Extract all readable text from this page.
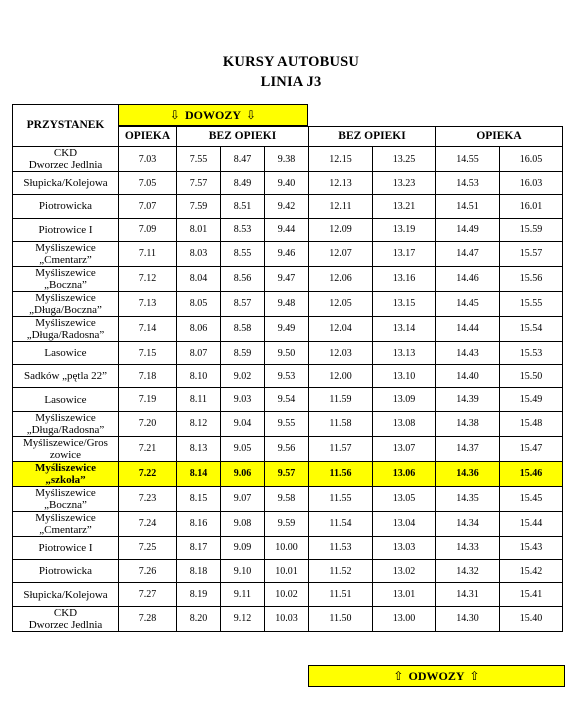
KURSY AUTOBUSU
LINIA J3
⇩ DOWOZY ⇩
PRZYSTANEK								
	OPIEKA	BEZ OPIEKI			BEZ OPIEKI		OPIEKA	
CKD
Dworzec Jedlnia	7.03	7.55	8.47	9.38	12.15	13.25	14.55	16.05
Słupicka/Kolejowa	7.05	7.57	8.49	9.40	12.13	13.23	14.53	16.03
Piotrowicka	7.07	7.59	8.51	9.42	12.11	13.21	14.51	16.01
Piotrowice I	7.09	8.01	8.53	9.44	12.09	13.19	14.49	15.59
Myśliszewice
„Cmentarz”	7.11	8.03	8.55	9.46	12.07	13.17	14.47	15.57
Myśliszewice
„Boczna”	7.12	8.04	8.56	9.47	12.06	13.16	14.46	15.56
Myśliszewice
„Długa/Boczna”	7.13	8.05	8.57	9.48	12.05	13.15	14.45	15.55
Myśliszewice
„Długa/Radosna”	7.14	8.06	8.58	9.49	12.04	13.14	14.44	15.54
Lasowice	7.15	8.07	8.59	9.50	12.03	13.13	14.43	15.53
Sadków „pętla 22”	7.18	8.10	9.02	9.53	12.00	13.10	14.40	15.50
Lasowice	7.19	8.11	9.03	9.54	11.59	13.09	14.39	15.49
Myśliszewice
„Długa/Radosna”	7.20	8.12	9.04	9.55	11.58	13.08	14.38	15.48
Myśliszewice/Gros
zowice	7.21	8.13	9.05	9.56	11.57	13.07	14.37	15.47
Myśliszewice
„szkoła”	7.22	8.14	9.06	9.57	11.56	13.06	14.36	15.46
Myśliszewice
„Boczna”	7.23	8.15	9.07	9.58	11.55	13.05	14.35	15.45
Myśliszewice
„Cmentarz”	7.24	8.16	9.08	9.59	11.54	13.04	14.34	15.44
Piotrowice I	7.25	8.17	9.09	10.00	11.53	13.03	14.33	15.43
Piotrowicka	7.26	8.18	9.10	10.01	11.52	13.02	14.32	15.42
Słupicka/Kolejowa	7.27	8.19	9.11	10.02	11.51	13.01	14.31	15.41
CKD
Dworzec Jedlnia	7.28	8.20	9.12	10.03	11.50	13.00	14.30	15.40
⇧ ODWOZY ⇧
